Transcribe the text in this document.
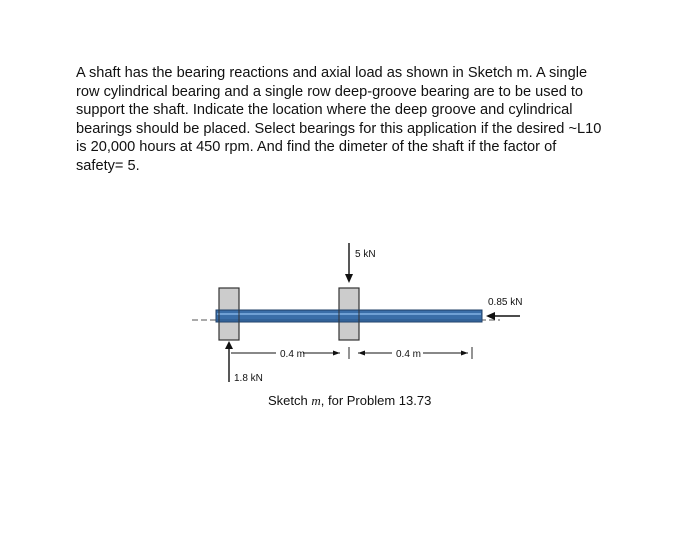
A shaft has the bearing reactions and axial load as shown in Sketch m. A single
row cylindrical bearing and a single row deep-groove bearing are to be used to
support the shaft. Indicate the location where the deep groove and cylindrical
bearings should be placed. Select bearings for this application if the desired ~L10
is 20,000 hours at 450 rpm. And find the dimeter of the shaft if the factor of
safety= 5.
5 kN
0.85 kN
1.8 kN
0.4 m	0.4 m
Sketch m, for Problem 13.73
